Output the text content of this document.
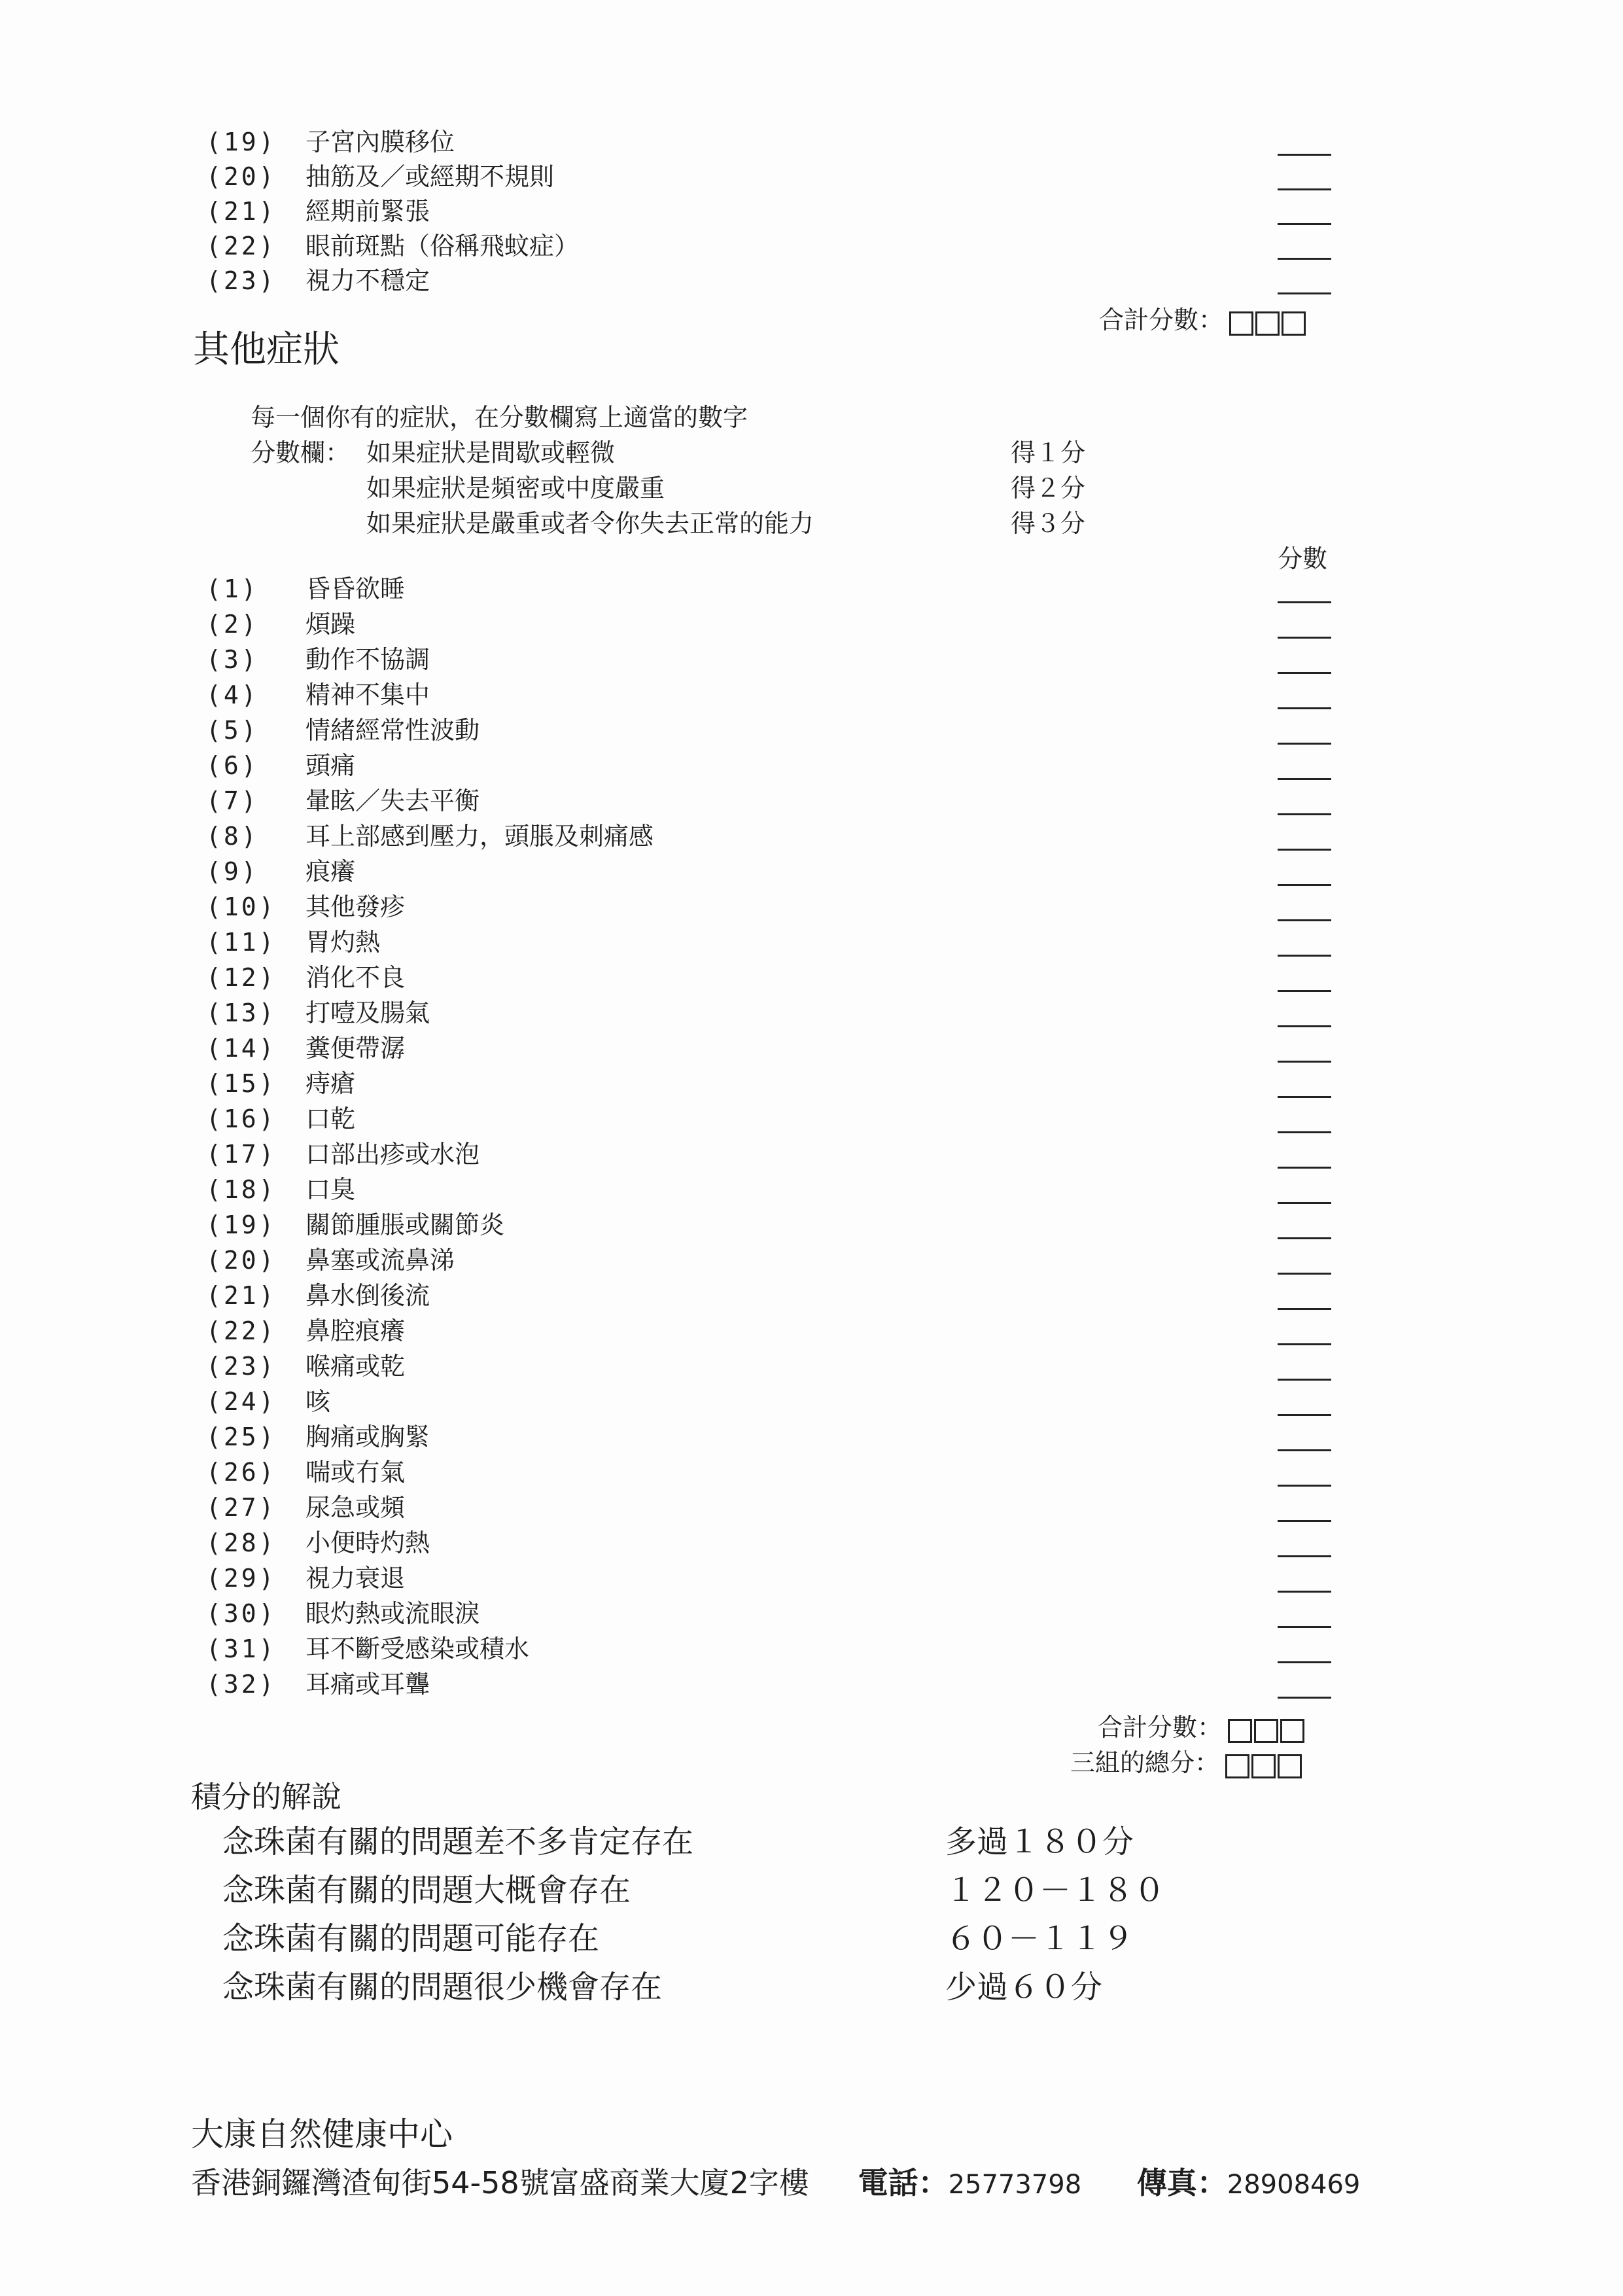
(19) 子宮內膜移位
(20) 抽筋及／或經期不規則
(21) 經期前緊張
(22) 眼前斑點（俗稱飛蚊症）
(23) 視力不穩定
合計分數：
其他症狀
每一個你有的症狀，在分數欄寫上適當的數字
分數欄： 如果症狀是間歇或輕微	得１分
如果症狀是頻密或中度嚴重	得２分
如果症狀是嚴重或者令你失去正常的能力	得３分
分數
(1) 昏昏欲睡
(2) 煩躁
(3) 動作不協調
(4) 精神不集中
(5) 情緒經常性波動
(6) 頭痛
(7) 暈眩／失去平衡
(8) 耳上部感到壓力，頭脹及刺痛感
(9) 痕癢
(10) 其他發疹
(11) 胃灼熱
(12) 消化不良
(13) 打噎及腸氣
(14) 糞便帶潺
(15) 痔瘡
(16) 口乾
(17) 口部出疹或水泡
(18) 口臭
(19) 關節腫脹或關節炎
(20) 鼻塞或流鼻涕
(21) 鼻水倒後流
(22) 鼻腔痕癢
(23) 喉痛或乾
(24) 咳
(25) 胸痛或胸緊
(26) 喘或冇氣
(27) 尿急或頻
(28) 小便時灼熱
(29) 視力衰退
(30) 眼灼熱或流眼淚
(31) 耳不斷受感染或積水
(32) 耳痛或耳聾
合計分數：
三組的總分：
積分的解說
念珠菌有關的問題差不多肯定存在	多過１８０分
念珠菌有關的問題大概會存在	１２０－１８０
念珠菌有關的問題可能存在	６０－１１９
念珠菌有關的問題很少機會存在	少過６０分
大康自然健康中心
香港銅鑼灣渣甸街54-58號富盛商業大廈2字樓 電話：25773798 傳真：28908469
